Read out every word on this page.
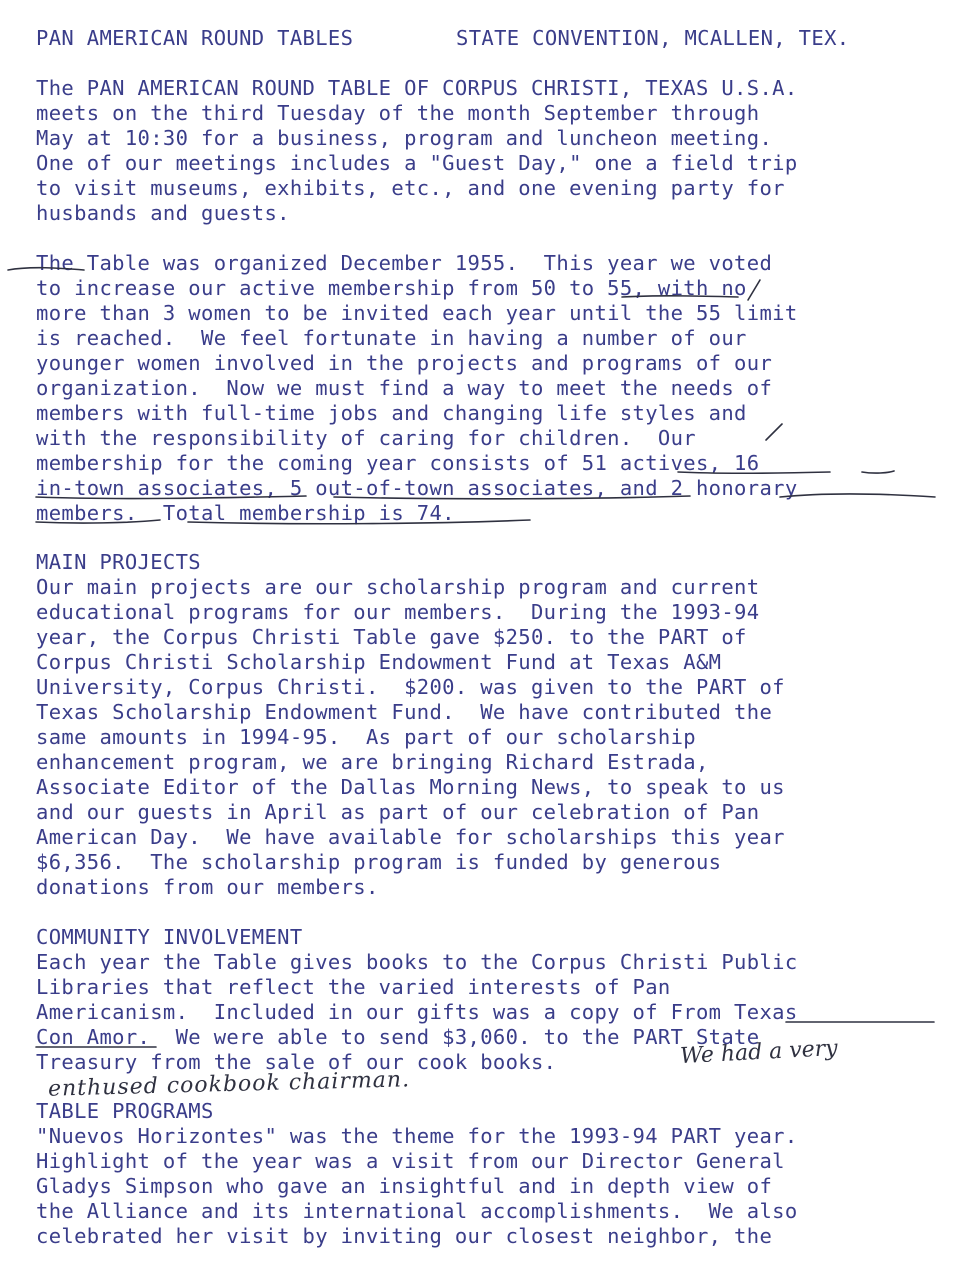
PAN AMERICAN ROUND TABLES	STATE CONVENTION, MCALLEN, TEX.
The PAN AMERICAN ROUND TABLE OF CORPUS CHRISTI, TEXAS U.S.A.
meets on the third Tuesday of the month September through
May at 10:30 for a business, program and luncheon meeting.
One of our meetings includes a "Guest Day," one a field trip
to visit museums, exhibits, etc., and one evening party for
husbands and guests.
The Table was organized December 1955.  This year we voted
to increase our active membership from 50 to 55, with no
more than 3 women to be invited each year until the 55 limit
is reached.  We feel fortunate in having a number of our
younger women involved in the projects and programs of our
organization.  Now we must find a way to meet the needs of
members with full-time jobs and changing life styles and
with the responsibility of caring for children.  Our
membership for the coming year consists of 51 actives, 16
in-town associates, 5 out-of-town associates, and 2 honorary
members.  Total membership is 74.
MAIN PROJECTS
Our main projects are our scholarship program and current
educational programs for our members.  During the 1993-94
year, the Corpus Christi Table gave $250. to the PART of
Corpus Christi Scholarship Endowment Fund at Texas A&M
University, Corpus Christi.  $200. was given to the PART of
Texas Scholarship Endowment Fund.  We have contributed the
same amounts in 1994-95.  As part of our scholarship
enhancement program, we are bringing Richard Estrada,
Associate Editor of the Dallas Morning News, to speak to us
and our guests in April as part of our celebration of Pan
American Day.  We have available for scholarships this year
$6,356.  The scholarship program is funded by generous
donations from our members.
COMMUNITY INVOLVEMENT
Each year the Table gives books to the Corpus Christi Public
Libraries that reflect the varied interests of Pan
Americanism.  Included in our gifts was a copy of From Texas
Con Amor.  We were able to send $3,060. to the PART State
Treasury from the sale of our cook books.	We had a very
enthused cookbook chairman.
TABLE PROGRAMS
"Nuevos Horizontes" was the theme for the 1993-94 PART year.
Highlight of the year was a visit from our Director General
Gladys Simpson who gave an insightful and in depth view of
the Alliance and its international accomplishments.  We also
celebrated her visit by inviting our closest neighbor, the
